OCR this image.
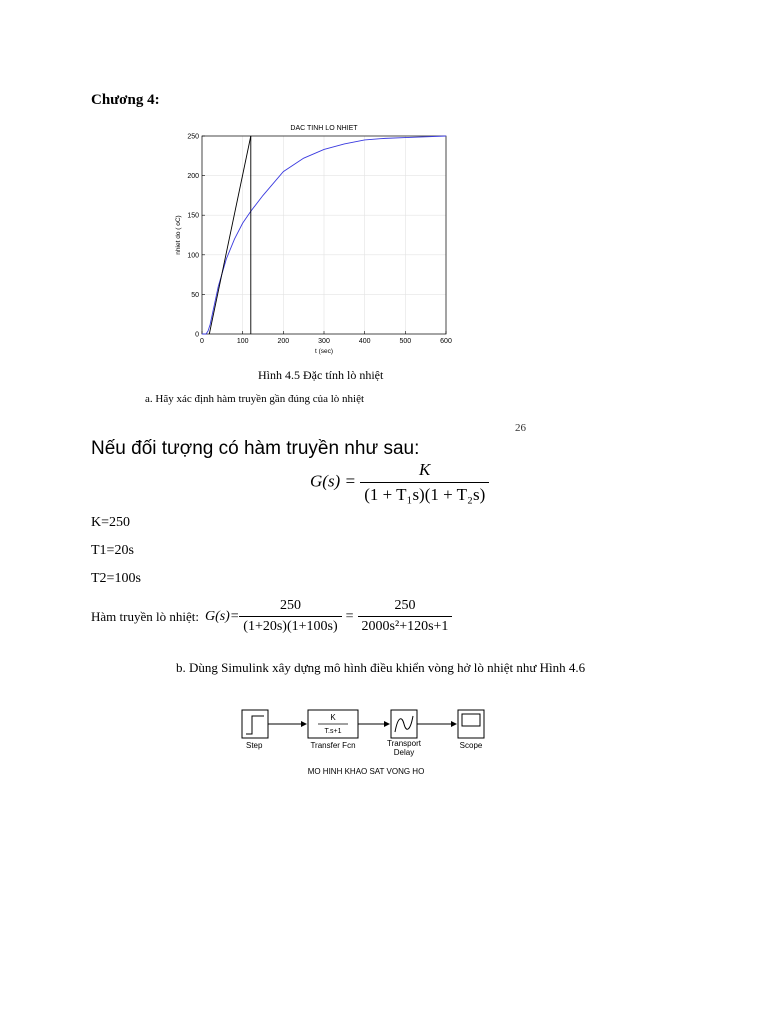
Chương 4:
0	100	200	300	400	500	600
0
50
100
150
200
250
DAC TINH LO NHIET
t (sec)
nhiet do ( oC)
Hình 4.5 Đặc tính lò nhiệt
a. Hãy xác định hàm truyền gần đúng của lò nhiệt
26
Nếu đối tượng có hàm truyền như sau:
$G(s) = \frac{K}{\text{(1 + T₁s)(1 + T₂s)}}$
K=250
T1=20s
T2=100s
Hàm truyền lò nhiệt: $G(s)= \frac{250}{(1+20s)(1+100s)} = \frac{250}{\text{2000s²+120s+1}}$
b. Dùng Simulink xây dựng mô hình điều khiển vòng hở lò nhiệt như Hình 4.6
Step
K
T.s+1
Transfer Fcn	Transport
Delay
Scope
MO HINH KHAO SAT VONG HO
